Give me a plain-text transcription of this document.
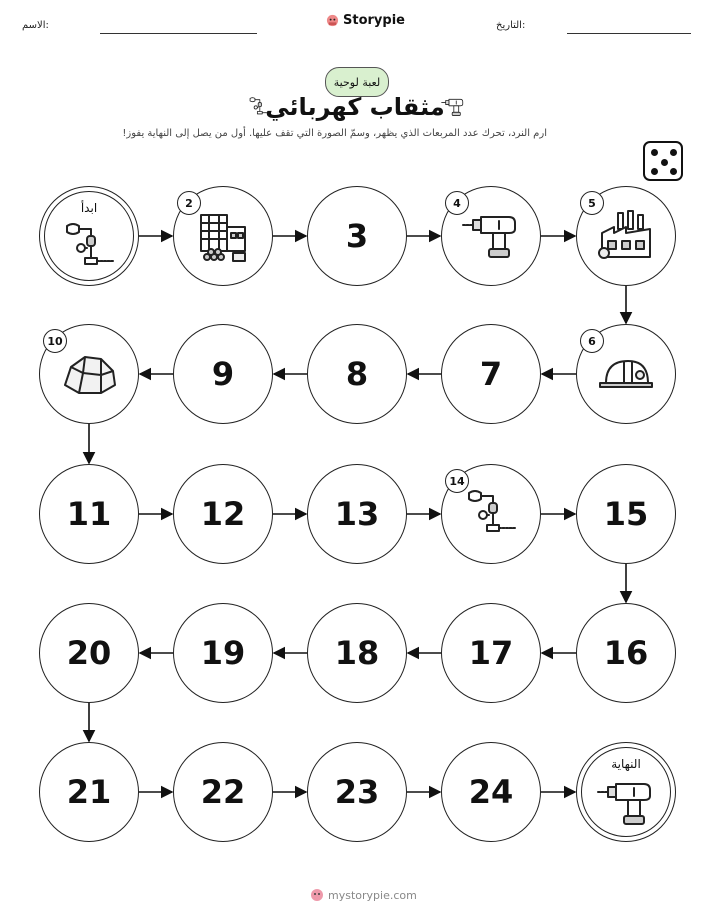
الاسم:	Storypie	التاريخ:
لعبة لوحية
مثقاب كهربائي
ارم النرد، تحرك عدد المربعات الذي يظهر، وسمّ الصورة التي تقف عليها. أول من يصل إلى النهاية يفوز!
ابدأ	2
3
4	5
6
7
8
9
10
11	12	13
14
15
16
17
18
19
20
21	22	23	24
النهاية
mystorypie.com
